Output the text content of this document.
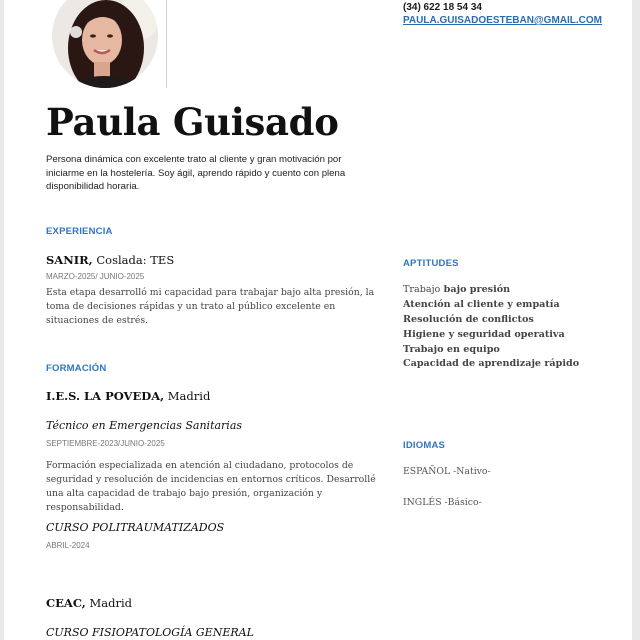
(34) 622 18 54 34
PAULA.GUISADOESTEBAN@GMAIL.COM
Paula Guisado
Persona dinámica con excelente trato al cliente y gran motivación por iniciarme en la hostelería. Soy ágil, aprendo rápido y cuento con plena disponibilidad horaria.
EXPERIENCIA
SANIR, Coslada: TES
MARZO-2025/ JUNIO-2025
Esta etapa desarrolló mi capacidad para trabajar bajo alta presión, la toma de decisiones rápidas y un trato al público excelente en situaciones de estrés.
FORMACIÓN
I.E.S. LA POVEDA, Madrid
Técnico en Emergencias Sanitarias
SEPTIEMBRE-2023/JUNIO-2025
Formación especializada en atención al ciudadano, protocolos de seguridad y resolución de incidencias en entornos críticos. Desarrollé una alta capacidad de trabajo bajo presión, organización y responsabilidad.
CURSO POLITRAUMATIZADOS
ABRIL-2024
CEAC, Madrid
CURSO FISIOPATOLOGÍA GENERAL
APTITUDES
Trabajo bajo presión
Atención al cliente y empatía
Resolución de conflictos
Higiene y seguridad operativa
Trabajo en equipo
Capacidad de aprendizaje rápido
IDIOMAS
ESPAÑOL -Nativo-
INGLÉS -Básico-
